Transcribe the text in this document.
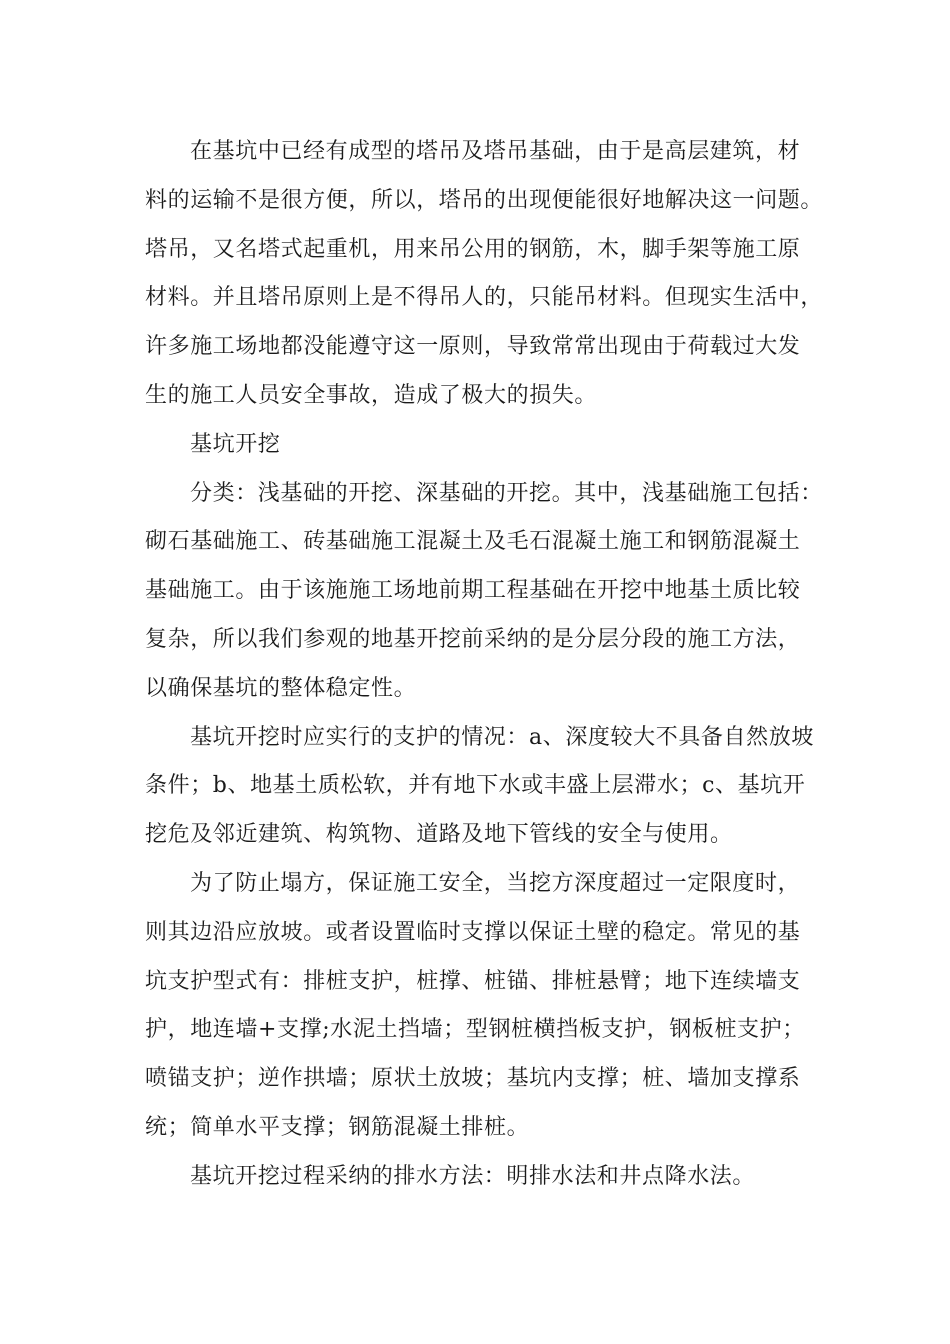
在基坑中已经有成型的塔吊及塔吊基础，由于是高层建筑，材
料的运输不是很方便，所以，塔吊的出现便能很好地解决这一问题。
塔吊，又名塔式起重机，用来吊公用的钢筋，木，脚手架等施工原
材料。并且塔吊原则上是不得吊人的，只能吊材料。但现实生活中，
许多施工场地都没能遵守这一原则，导致常常出现由于荷载过大发
生的施工人员安全事故，造成了极大的损失。
基坑开挖
分类：浅基础的开挖、深基础的开挖。其中，浅基础施工包括：
砌石基础施工、砖基础施工混凝土及毛石混凝土施工和钢筋混凝土
基础施工。由于该施施工场地前期工程基础在开挖中地基土质比较
复杂，所以我们参观的地基开挖前采纳的是分层分段的施工方法，
以确保基坑的整体稳定性。
基坑开挖时应实行的支护的情况：a、深度较大不具备自然放坡
条件；b、地基土质松软，并有地下水或丰盛上层滞水；c、基坑开
挖危及邻近建筑、构筑物、道路及地下管线的安全与使用。
为了防止塌方，保证施工安全，当挖方深度超过一定限度时，
则其边沿应放坡。或者设置临时支撑以保证土壁的稳定。常见的基
坑支护型式有：排桩支护，桩撑、桩锚、排桩悬臂；地下连续墙支
护，地连墙+支撑;水泥土挡墙；型钢桩横挡板支护，钢板桩支护；
喷锚支护；逆作拱墙；原状土放坡；基坑内支撑；桩、墙加支撑系
统；简单水平支撑；钢筋混凝土排桩。
基坑开挖过程采纳的排水方法：明排水法和井点降水法。
